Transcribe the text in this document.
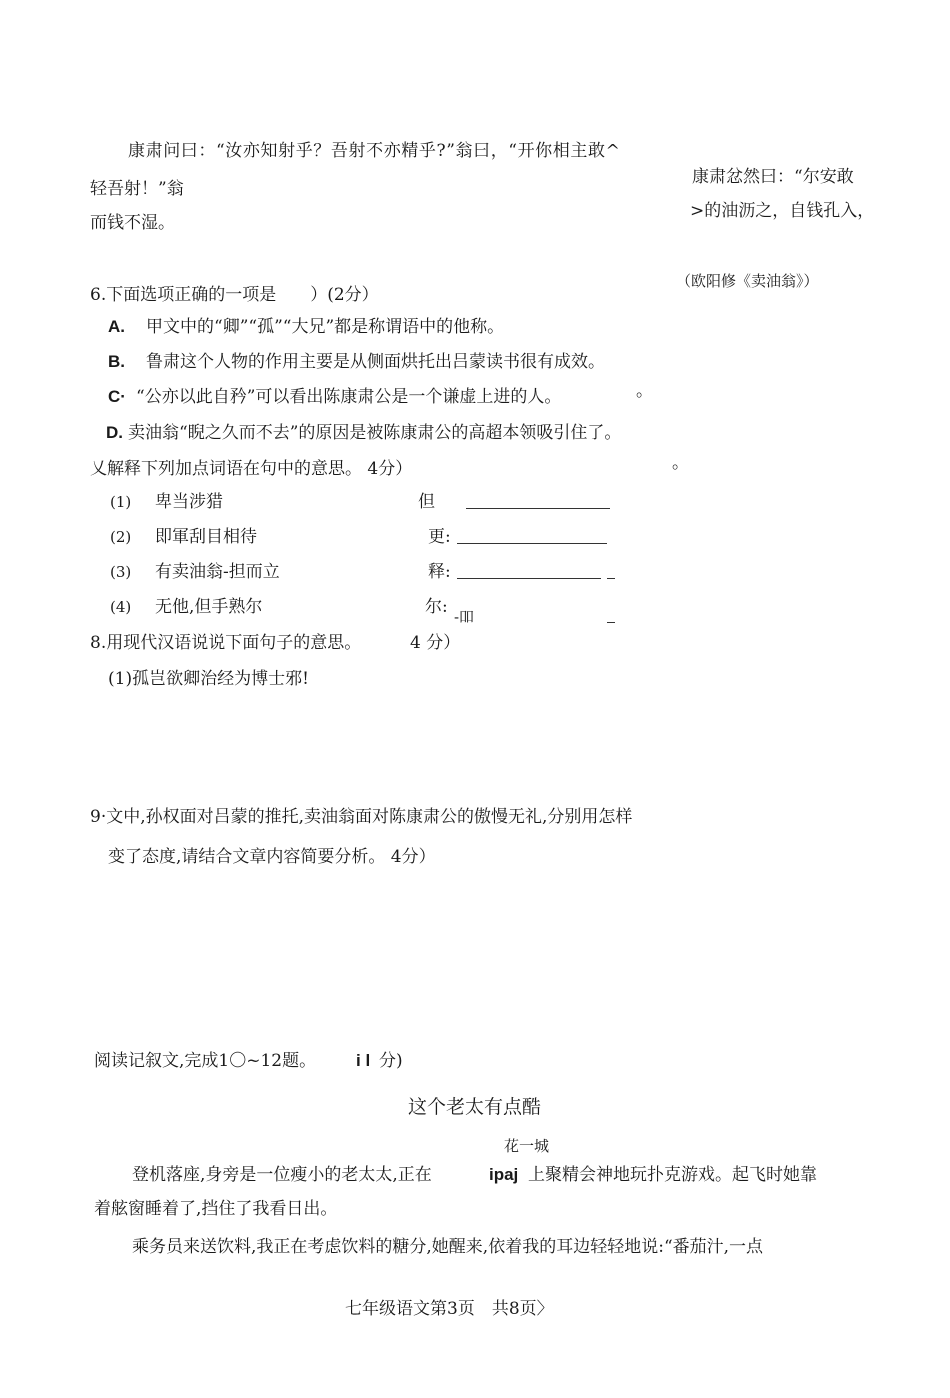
康肃问曰：“汝亦知射乎？吾射不亦精乎?”翁曰，“开你相主敢^
康肃忿然曰：“尔安敢
轻吾射！”翁
>的油沥之，自钱孔入，
而钱不湿。
（欧阳修《卖油翁》）
6.下面选项正确的一项是　　）(2分）
A. 甲文中的“卿”“孤”“大兄”都是称谓语中的他称。
B. 鲁肃这个人物的作用主要是从侧面烘托出吕蒙读书很有成效。
C· “公亦以此自矜”可以看出陈康肃公是一个谦虚上进的人。	。
D. 卖油翁“睨之久而不去”的原因是被陈康肃公的高超本领吸引住了。
乂解释下列加点词语在句中的意思。 4分）	。
(1) 卑当涉猎	但
(2) 即軍刮目相待	更:
(3) 有卖油翁-担而立	释:
(4) 无他,但手熟尔	尔: -吅
8.用现代汉语说说下面句子的意思。	4 分）
(1)孤岂欲卿治经为博士邪!
9·文中,孙权面对吕蒙的推托,卖油翁面对陈康肃公的傲慢无礼,分别用怎样
变了态度,请结合文章内容简要分析。 4分）
阅读记叙文,完成1〇~12题。 i l 分)
这个老太有点酷
花一城
登机落座,身旁是一位瘦小的老太太,正在	ipaj 上聚精会神地玩扑克游戏。起飞时她靠
着舷窗睡着了,挡住了我看日出。
乘务员来送饮料,我正在考虑饮料的糖分,她醒来,依着我的耳边轻轻地说:“番茄汁,一点
七年级语文第3页　共8页〉
